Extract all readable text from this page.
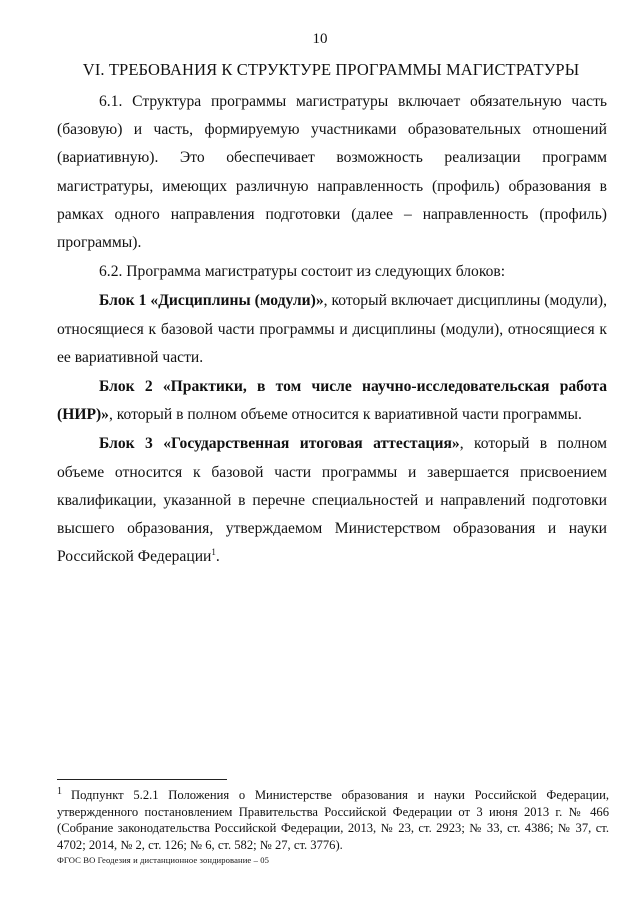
10
VI. ТРЕБОВАНИЯ К СТРУКТУРЕ ПРОГРАММЫ МАГИСТРАТУРЫ

6.1. Структура программы магистратуры включает обязательную часть (базовую) и часть, формируемую участниками образовательных отношений (вариативную). Это обеспечивает возможность реализации программ магистратуры, имеющих различную направленность (профиль) образования в рамках одного направления подготовки (далее – направленность (профиль) программы).

6.2. Программа магистратуры состоит из следующих блоков:

Блок 1 «Дисциплины (модули)», который включает дисциплины (модули), относящиеся к базовой части программы и дисциплины (модули), относящиеся к ее вариативной части.

Блок 2 «Практики, в том числе научно-исследовательская работа (НИР)», который в полном объеме относится к вариативной части программы.

Блок 3 «Государственная итоговая аттестация», который в полном объеме относится к базовой части программы и завершается присвоением квалификации, указанной в перечне специальностей и направлений подготовки высшего образования, утверждаемом Министерством образования и науки Российской Федерации$^1$.

1 Подпункт 5.2.1 Положения о Министерстве образования и науки Российской Федерации, утвержденного постановлением Правительства Российской Федерации от 3 июня 2013 г. № 466 (Собрание законодательства Российской Федерации, 2013, № 23, ст. 2923; № 33, ст. 4386; № 37, ст. 4702; 2014, № 2, ст. 126; № 6, ст. 582; № 27, ст. 3776).
ФГОС ВО Геодезия и дистанционное зондирование – 05
